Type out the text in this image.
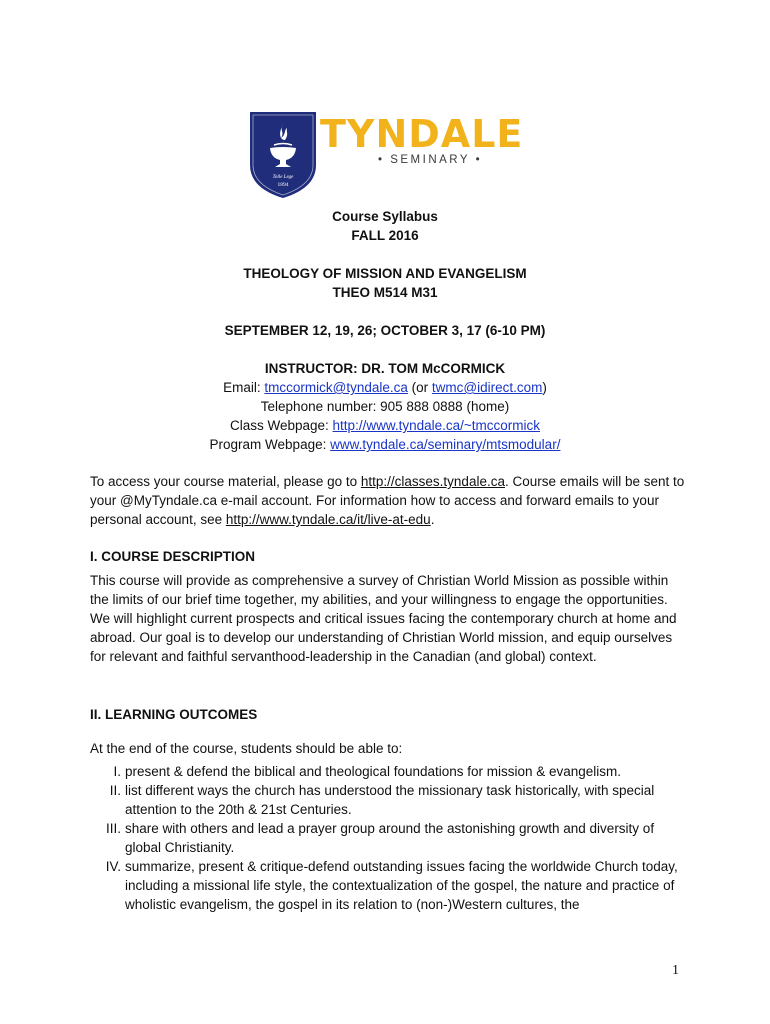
Tolle Lege
1894
TYNDALE
• SEMINARY •
Course Syllabus
FALL 2016
THEOLOGY OF MISSION AND EVANGELISM
THEO M514 M31
SEPTEMBER 12, 19, 26; OCTOBER 3, 17 (6-10 PM)
INSTRUCTOR: DR. TOM McCORMICK
Email: tmccormick@tyndale.ca (or twmc@idirect.com)
Telephone number: 905 888 0888 (home)
Class Webpage: http://www.tyndale.ca/~tmccormick
Program Webpage: www.tyndale.ca/seminary/mtsmodular/
To access your course material, please go to http://classes.tyndale.ca. Course emails will be sent to your @MyTyndale.ca e-mail account. For information how to access and forward emails to your personal account, see http://www.tyndale.ca/it/live-at-edu.
I. COURSE DESCRIPTION
This course will provide as comprehensive a survey of Christian World Mission as possible within the limits of our brief time together, my abilities, and your willingness to engage the opportunities. We will highlight current prospects and critical issues facing the contemporary church at home and abroad. Our goal is to develop our understanding of Christian World mission, and equip ourselves for relevant and faithful servanthood-leadership in the Canadian (and global) context.
II. LEARNING OUTCOMES
At the end of the course, students should be able to:
I. present & defend the biblical and theological foundations for mission & evangelism.
II. list different ways the church has understood the missionary task historically, with special attention to the 20th & 21st Centuries.
III. share with others and lead a prayer group around the astonishing growth and diversity of global Christianity.
IV. summarize, present & critique-defend outstanding issues facing the worldwide Church today, including a missional life style, the contextualization of the gospel, the nature and practice of wholistic evangelism, the gospel in its relation to (non-)Western cultures, the
1
